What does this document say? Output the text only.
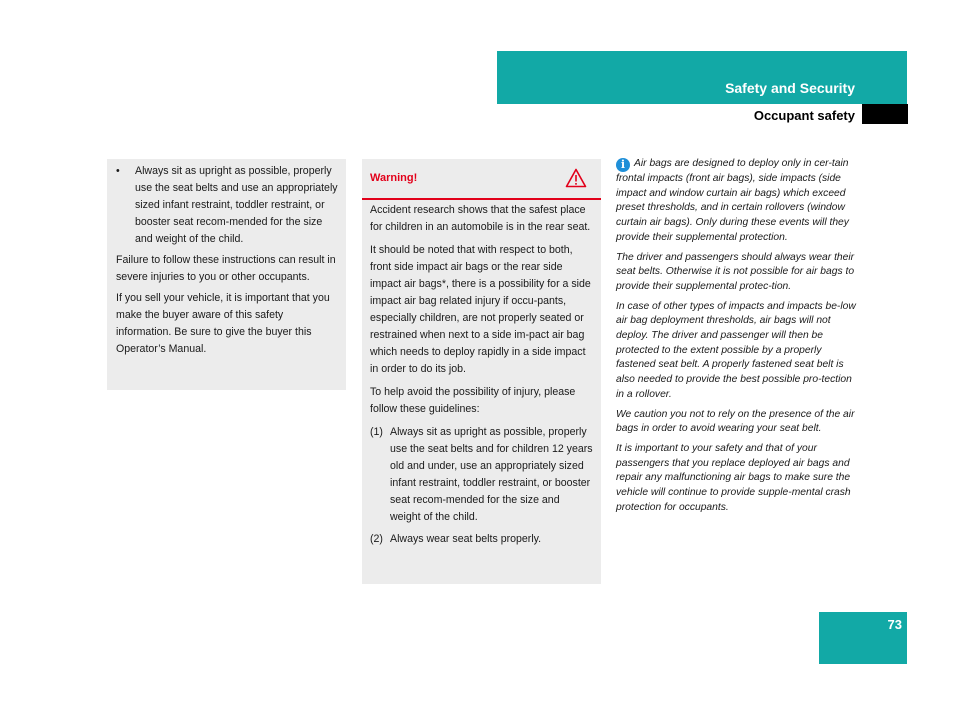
Safety and Security
Occupant safety
• Always sit as upright as possible, properly use the seat belts and use an appropriately sized infant restraint, toddler restraint, or booster seat recom-mended for the size and weight of the child.

Failure to follow these instructions can result in severe injuries to you or other occupants.

If you sell your vehicle, it is important that you make the buyer aware of this safety information. Be sure to give the buyer this Operator’s Manual.

Warning!

Accident research shows that the safest place for children in an automobile is in the rear seat.

It should be noted that with respect to both, front side impact air bags or the rear side impact air bags*, there is a possibility for a side impact air bag related injury if occu-pants, especially children, are not properly seated or restrained when next to a side im-pact air bag which needs to deploy rapidly in a side impact in order to do its job.

To help avoid the possibility of injury, please follow these guidelines:

(1) Always sit as upright as possible, properly use the seat belts and for children 12 years old and under, use an appropriately sized infant restraint, toddler restraint, or booster seat recom-mended for the size and weight of the child.
(2) Always wear seat belts properly.

i Air bags are designed to deploy only in cer-tain frontal impacts (front air bags), side impacts (side impact and window curtain air bags) which exceed preset thresholds, and in certain rollovers (window curtain air bags). Only during these events will they provide their supplemental protection.

The driver and passengers should always wear their seat belts. Otherwise it is not possible for air bags to provide their supplemental protec-tion.

In case of other types of impacts and impacts be-low air bag deployment thresholds, air bags will not deploy. The driver and passenger will then be protected to the extent possible by a properly fastened seat belt. A properly fastened seat belt is also needed to provide the best possible pro-tection in a rollover.

We caution you not to rely on the presence of the air bags in order to avoid wearing your seat belt.

It is important to your safety and that of your passengers that you replace deployed air bags and repair any malfunctioning air bags to make sure the vehicle will continue to provide supple-mental crash protection for occupants.

73
